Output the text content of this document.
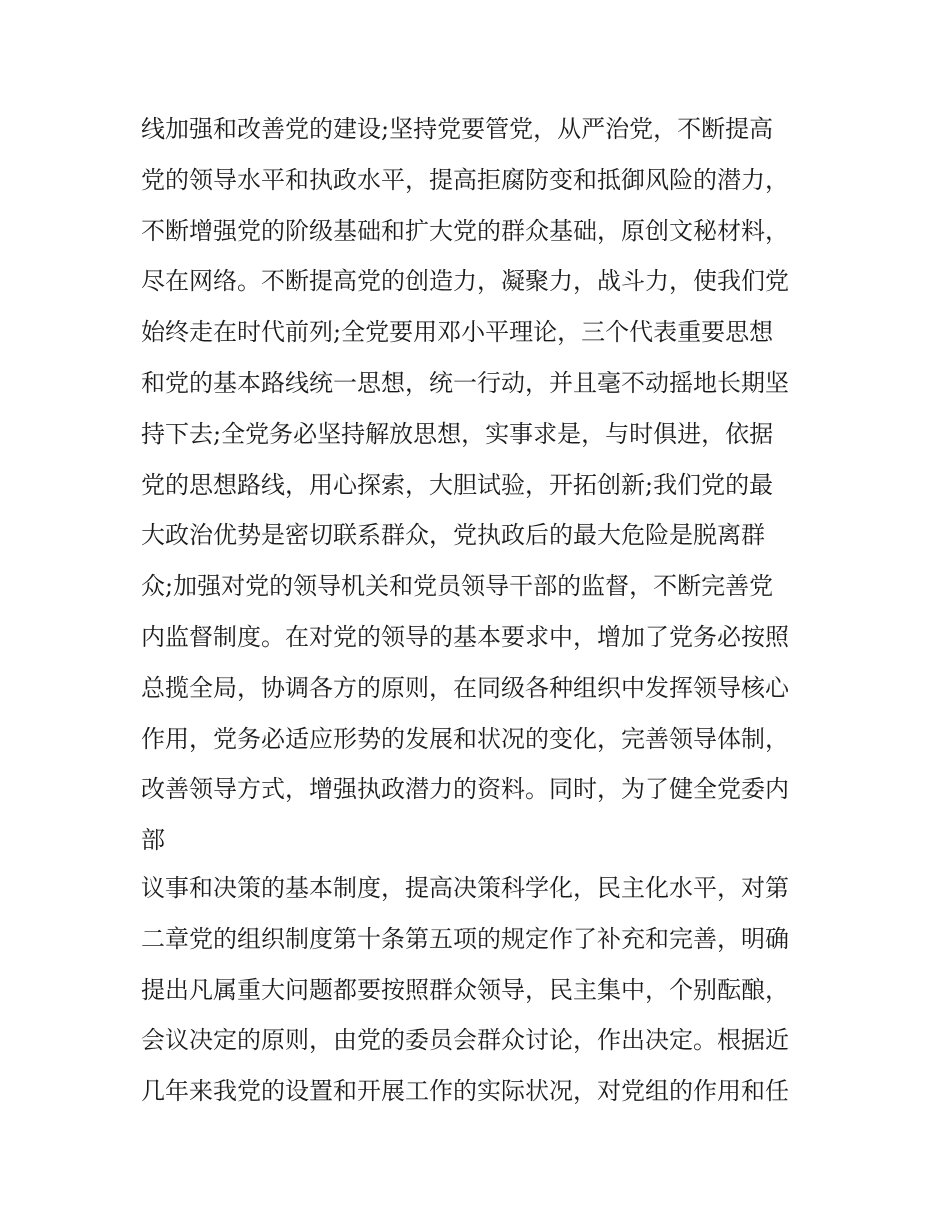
线加强和改善党的建设;坚持党要管党，从严治党，不断提高
党的领导水平和执政水平，提高拒腐防变和抵御风险的潜力，
不断增强党的阶级基础和扩大党的群众基础，原创文秘材料，
尽在网络。不断提高党的创造力，凝聚力，战斗力，使我们党
始终走在时代前列;全党要用邓小平理论，三个代表重要思想
和党的基本路线统一思想，统一行动，并且毫不动摇地长期坚
持下去;全党务必坚持解放思想，实事求是，与时俱进，依据
党的思想路线，用心探索，大胆试验，开拓创新;我们党的最
大政治优势是密切联系群众，党执政后的最大危险是脱离群
众;加强对党的领导机关和党员领导干部的监督，不断完善党
内监督制度。在对党的领导的基本要求中，增加了党务必按照
总揽全局，协调各方的原则，在同级各种组织中发挥领导核心
作用，党务必适应形势的发展和状况的变化，完善领导体制，
改善领导方式，增强执政潜力的资料。同时，为了健全党委内
部
议事和决策的基本制度，提高决策科学化，民主化水平，对第
二章党的组织制度第十条第五项的规定作了补充和完善，明确
提出凡属重大问题都要按照群众领导，民主集中，个别酝酿，
会议决定的原则，由党的委员会群众讨论，作出决定。根据近
几年来我党的设置和开展工作的实际状况，对党组的作用和任
